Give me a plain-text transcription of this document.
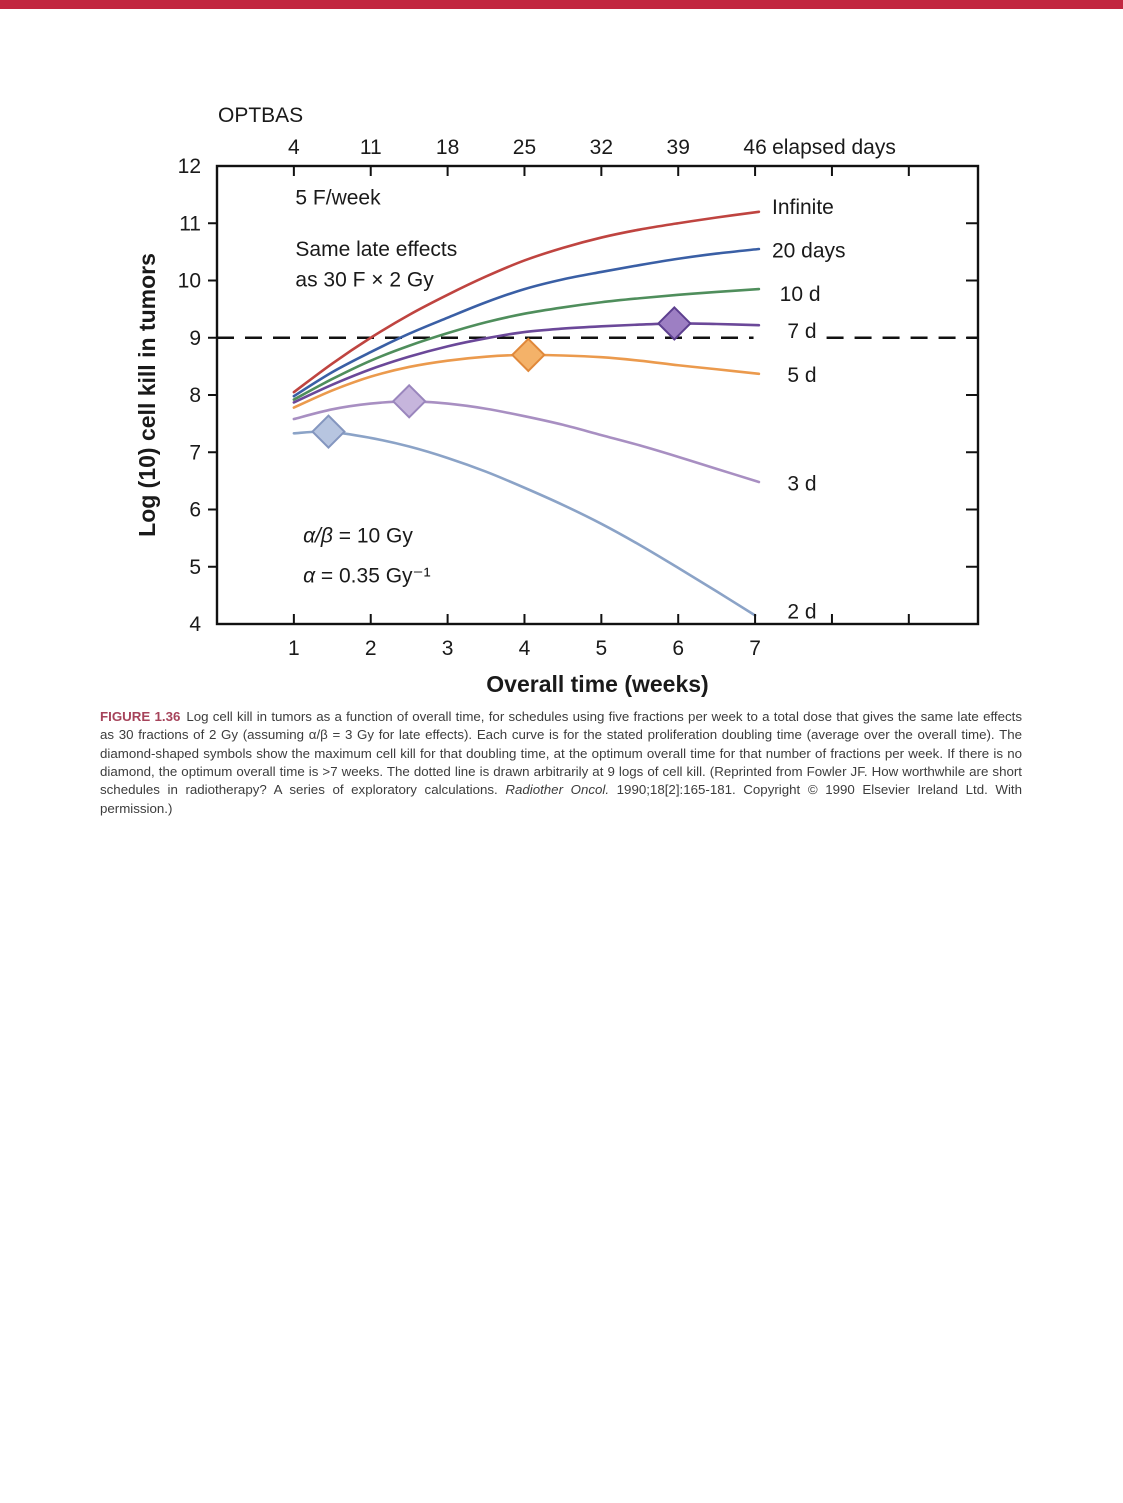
1	2	3	4	5	6	7
4
5
6
7
8
9
10
11
12
OPTBAS
4	11	18	25	32	39	46 elapsed days
Overall time (weeks)
Log (10) cell kill in tumors
Infinite
20 days
10 d
7 d
5 d
3 d
2 d
5 F/week
Same late effects
as 30 F × 2 Gy
α/β = 10 Gy
α = 0.35 Gy⁻¹
FIGURE 1.36 Log cell kill in tumors as a function of overall time, for schedules using five fractions per week to a total dose that gives the same late effects as 30 fractions of 2 Gy (assuming α/β = 3 Gy for late effects). Each curve is for the stated proliferation doubling time (average over the overall time). The diamond-shaped symbols show the maximum cell kill for that doubling time, at the optimum overall time for that number of fractions per week. If there is no diamond, the optimum overall time is >7 weeks. The dotted line is drawn arbitrarily at 9 logs of cell kill. (Reprinted from Fowler JF. How worthwhile are short schedules in radiotherapy? A series of exploratory calculations. Radiother Oncol. 1990;18[2]:165-181. Copyright © 1990 Elsevier Ireland Ltd. With permission.)
